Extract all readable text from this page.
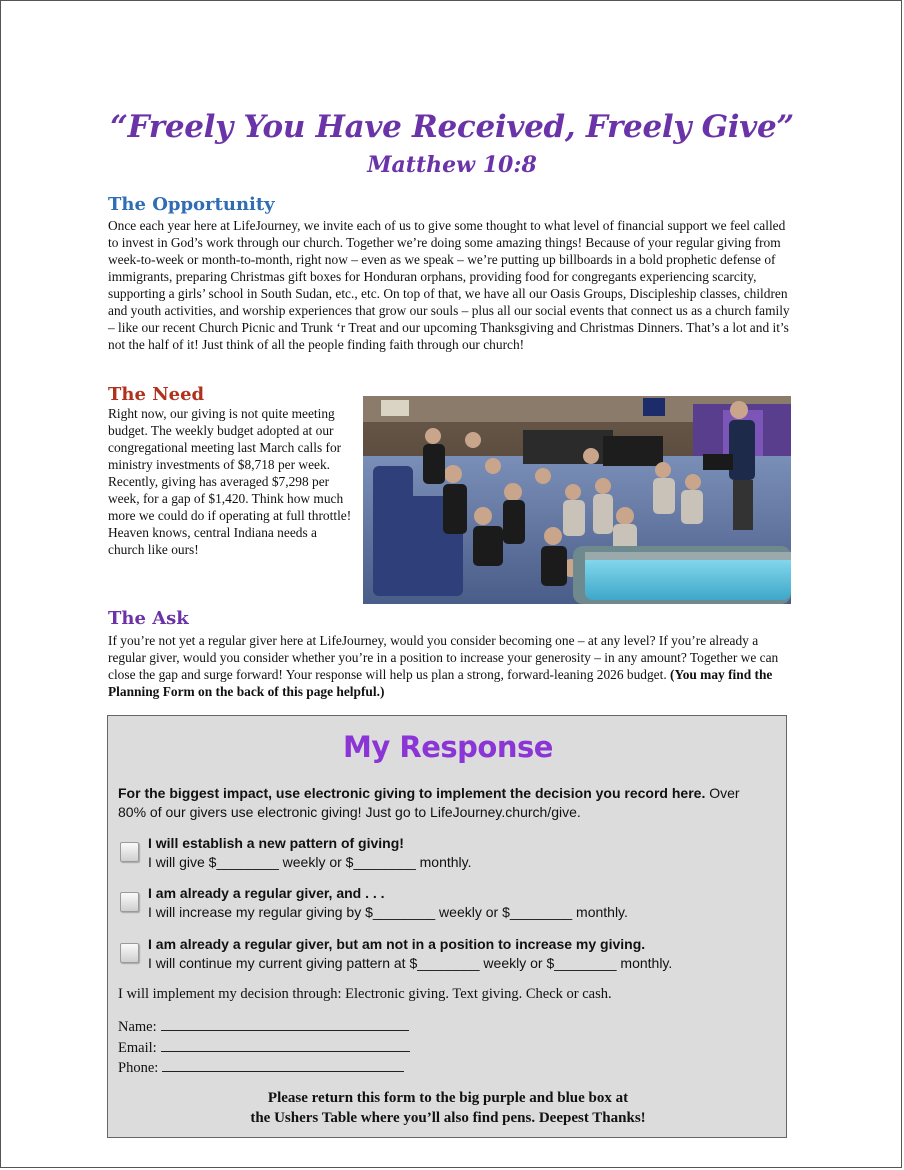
“Freely You Have Received, Freely Give”
Matthew 10:8
The Opportunity
Once each year here at LifeJourney, we invite each of us to give some thought to what level of financial support we feel called to invest in God’s work through our church. Together we’re doing some amazing things! Because of your regular giving from week-to-week or month-to-month, right now – even as we speak – we’re putting up billboards in a bold prophetic defense of immigrants, preparing Christmas gift boxes for Honduran orphans, providing food for congregants experiencing scarcity, supporting a girls’ school in South Sudan, etc., etc. On top of that, we have all our Oasis Groups, Discipleship classes, children and youth activities, and worship experiences that grow our souls – plus all our social events that connect us as a church family – like our recent Church Picnic and Trunk ‘r Treat and our upcoming Thanksgiving and Christmas Dinners. That’s a lot and it’s not the half of it! Just think of all the people finding faith through our church!
The Need
Right now, our giving is not quite meeting budget. The weekly budget adopted at our congregational meeting last March calls for ministry investments of $8,718 per week. Recently, giving has averaged $7,298 per week, for a gap of $1,420. Think how much more we could do if operating at full throttle! Heaven knows, central Indiana needs a church like ours!
The Ask
If you’re not yet a regular giver here at LifeJourney, would you consider becoming one – at any level? If you’re already a regular giver, would you consider whether you’re in a position to increase your generosity – in any amount? Together we can close the gap and surge forward! Your response will help us plan a strong, forward-leaning 2026 budget. (You may find the Planning Form on the back of this page helpful.)
My Response
For the biggest impact, use electronic giving to implement the decision you record here. Over 80% of our givers use electronic giving! Just go to LifeJourney.church/give.
I will establish a new pattern of giving!
I will give $________ weekly or $________ monthly.
I am already a regular giver, and . . .
I will increase my regular giving by $________ weekly or $________ monthly.
I am already a regular giver, but am not in a position to increase my giving.
I will continue my current giving pattern at $________ weekly or $________ monthly.
I will implement my decision through: Electronic giving. Text giving. Check or cash.
Name:
Email:
Phone:
Please return this form to the big purple and blue box at
the Ushers Table where you’ll also find pens. Deepest Thanks!
